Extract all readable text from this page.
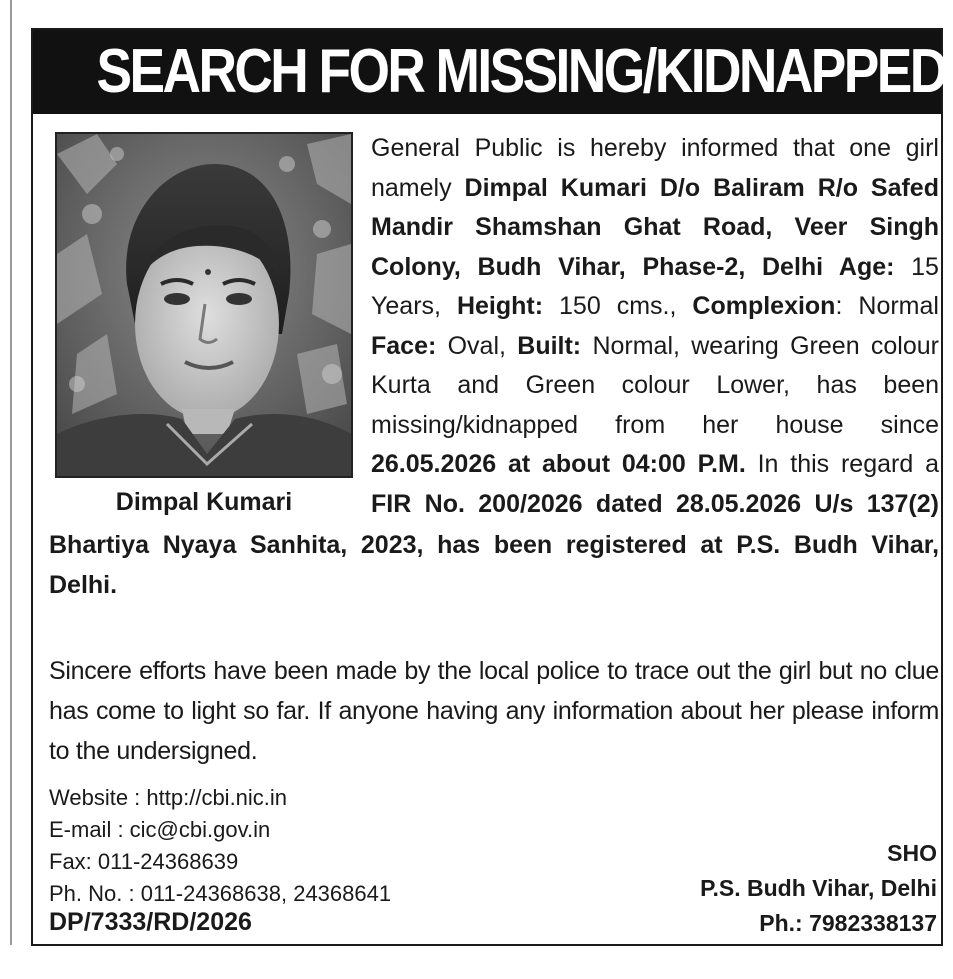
SEARCH FOR MISSING/KIDNAPPED
Dimpal Kumari

General Public is hereby informed that one girl
namely Dimpal Kumari D/o Baliram R/o Safed
Mandir Shamshan Ghat Road, Veer Singh
Colony, Budh Vihar, Phase-2, Delhi Age: 15
Years, Height: 150 cms., Complexion: Normal
Face: Oval, Built: Normal, wearing Green colour
Kurta and Green colour Lower, has been
missing/kidnapped from her house since
26.05.2026 at about 04:00 P.M. In this regard a
FIR No. 200/2026 dated 28.05.2026 U/s 137(2)

Sincere efforts have been made by the local police to trace out the girl but no clue has come to light so far. If anyone having any information about her please inform to the undersigned.

Website : http://cbi.nic.in
E-mail : cic@cbi.gov.in
Fax: 011-24368639
Ph. No. : 011-24368638, 24368641
DP/7333/RD/2026
SHO
P.S. Budh Vihar, Delhi
Ph.: 7982338137

Bhartiya Nyaya Sanhita, 2023, has been registered at P.S. Budh Vihar,
Delhi.
